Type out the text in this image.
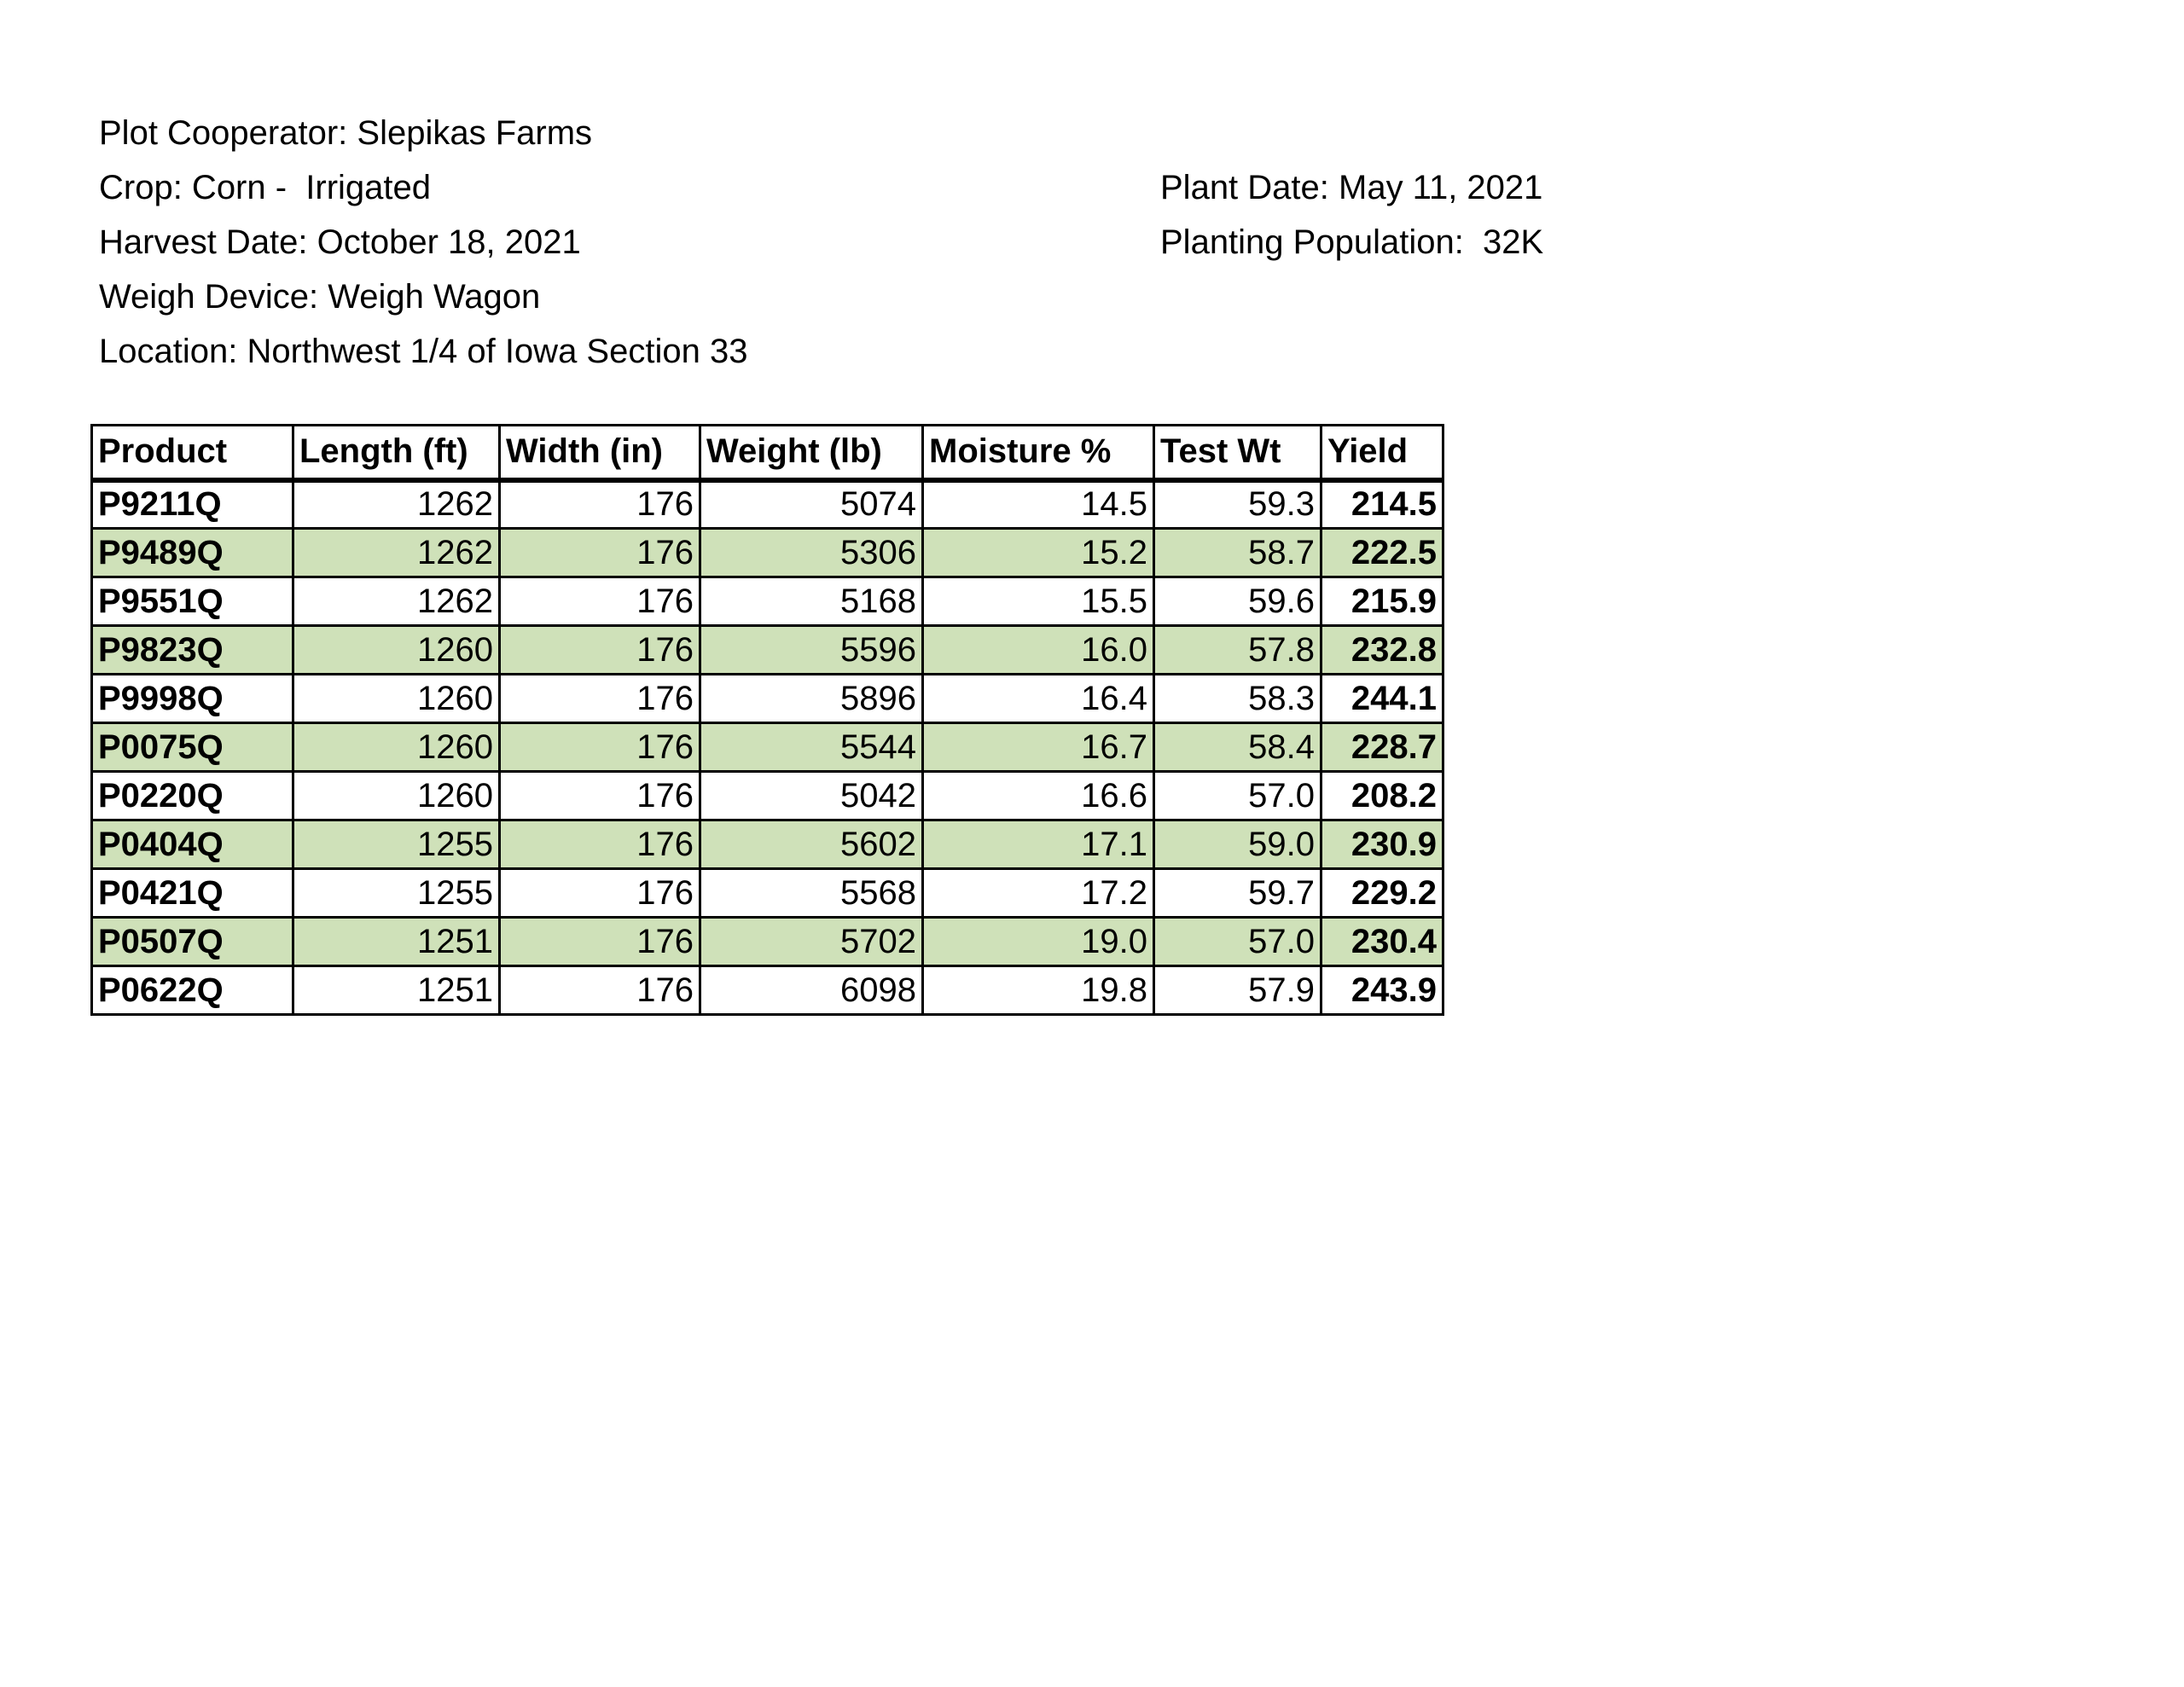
Plot Cooperator: Slepikas Farms
Crop: Corn -  Irrigated
Harvest Date: October 18, 2021
Weigh Device: Weigh Wagon
Location: Northwest 1/4 of Iowa Section 33
Plant Date: May 11, 2021
Planting Population:  32K
Product	Length (ft)	Width (in)	Weight (lb)	Moisture %	Test Wt	Yield
P9211Q	1262	176	5074	14.5	59.3	214.5
P9489Q	1262	176	5306	15.2	58.7	222.5
P9551Q	1262	176	5168	15.5	59.6	215.9
P9823Q	1260	176	5596	16.0	57.8	232.8
P9998Q	1260	176	5896	16.4	58.3	244.1
P0075Q	1260	176	5544	16.7	58.4	228.7
P0220Q	1260	176	5042	16.6	57.0	208.2
P0404Q	1255	176	5602	17.1	59.0	230.9
P0421Q	1255	176	5568	17.2	59.7	229.2
P0507Q	1251	176	5702	19.0	57.0	230.4
P0622Q	1251	176	6098	19.8	57.9	243.9
